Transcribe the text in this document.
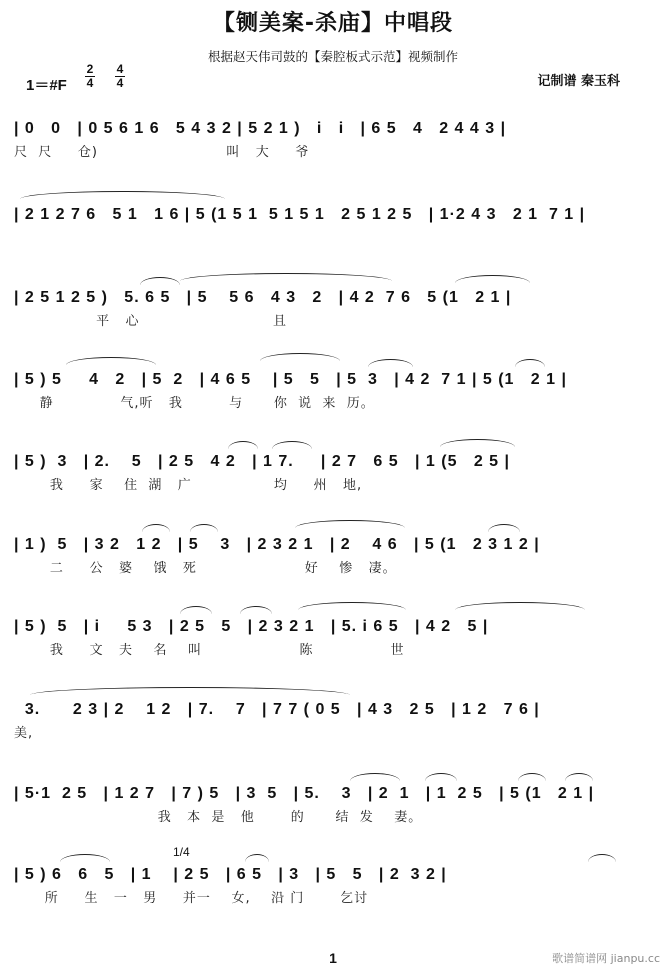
【铡美案-杀庙】中唱段
根据赵天伟司鼓的【秦腔板式示范】视频制作
1＝#F
2
4
4
4	记制谱 秦玉科
| 0   0   | 0 5 6 1 6   5 4 3 2 | 5 2 1 )   i   i   | 6 5   4   2 4 4 3 |
尺  尺     仓)                         叫   大     爷
| 2 1 2 7 6   5 1   1 6 | 5 (1 5 1  5 1 5 1   2 5 1 2 5   | 1·2 4 3   2 1  7 1 |
| 2 5 1 2 5 )   5. 6 5   | 5    5 6   4 3   2   | 4 2  7 6   5 (1   2 1 |
平   心                          且
| 5 ) 5     4   2   | 5  2   | 4 6 5    | 5   5   | 5  3   | 4 2  7 1 | 5 (1   2 1 |
静             气,听   我         与      你  说  来  历。
| 5 )  3   | 2.    5   | 2 5   4 2   | 1 7.     | 2 7   6 5   | 1 (5   2 5 |
我     家    住  湖   广                均     州   地,
| 1 )  5   | 3 2   1 2   | 5    3   | 2 3 2 1   | 2    4 6   | 5 (1   2 3 1 2 |
二     公   婆    饿   死                     好    惨   凄。
| 5 )  5   | i     5 3   | 2 5   5   | 2 3 2 1   | 5. i 6 5   | 4 2   5 |
我     文   夫    名    叫                   陈               世
3.      2 3 | 2    1 2   | 7.    7   | 7 7 ( 0 5   | 4 3   2 5   | 1 2   7 6 |
美,
| 5·1  2 5   | 1 2 7   | 7 ) 5   | 3  5   | 5.    3   | 2  1   | 1  2 5   | 5 (1   2 1 |
我   本  是   他       的      结  发    妻。
| 5 ) 6   6   5   | 1    | 2 5   | 6 5   | 3   | 5   5   | 2  3 2 |
所     生   一   男     并一    女,    沿 门       乞讨
1/4
1	歌谱简谱网 jianpu.cc
